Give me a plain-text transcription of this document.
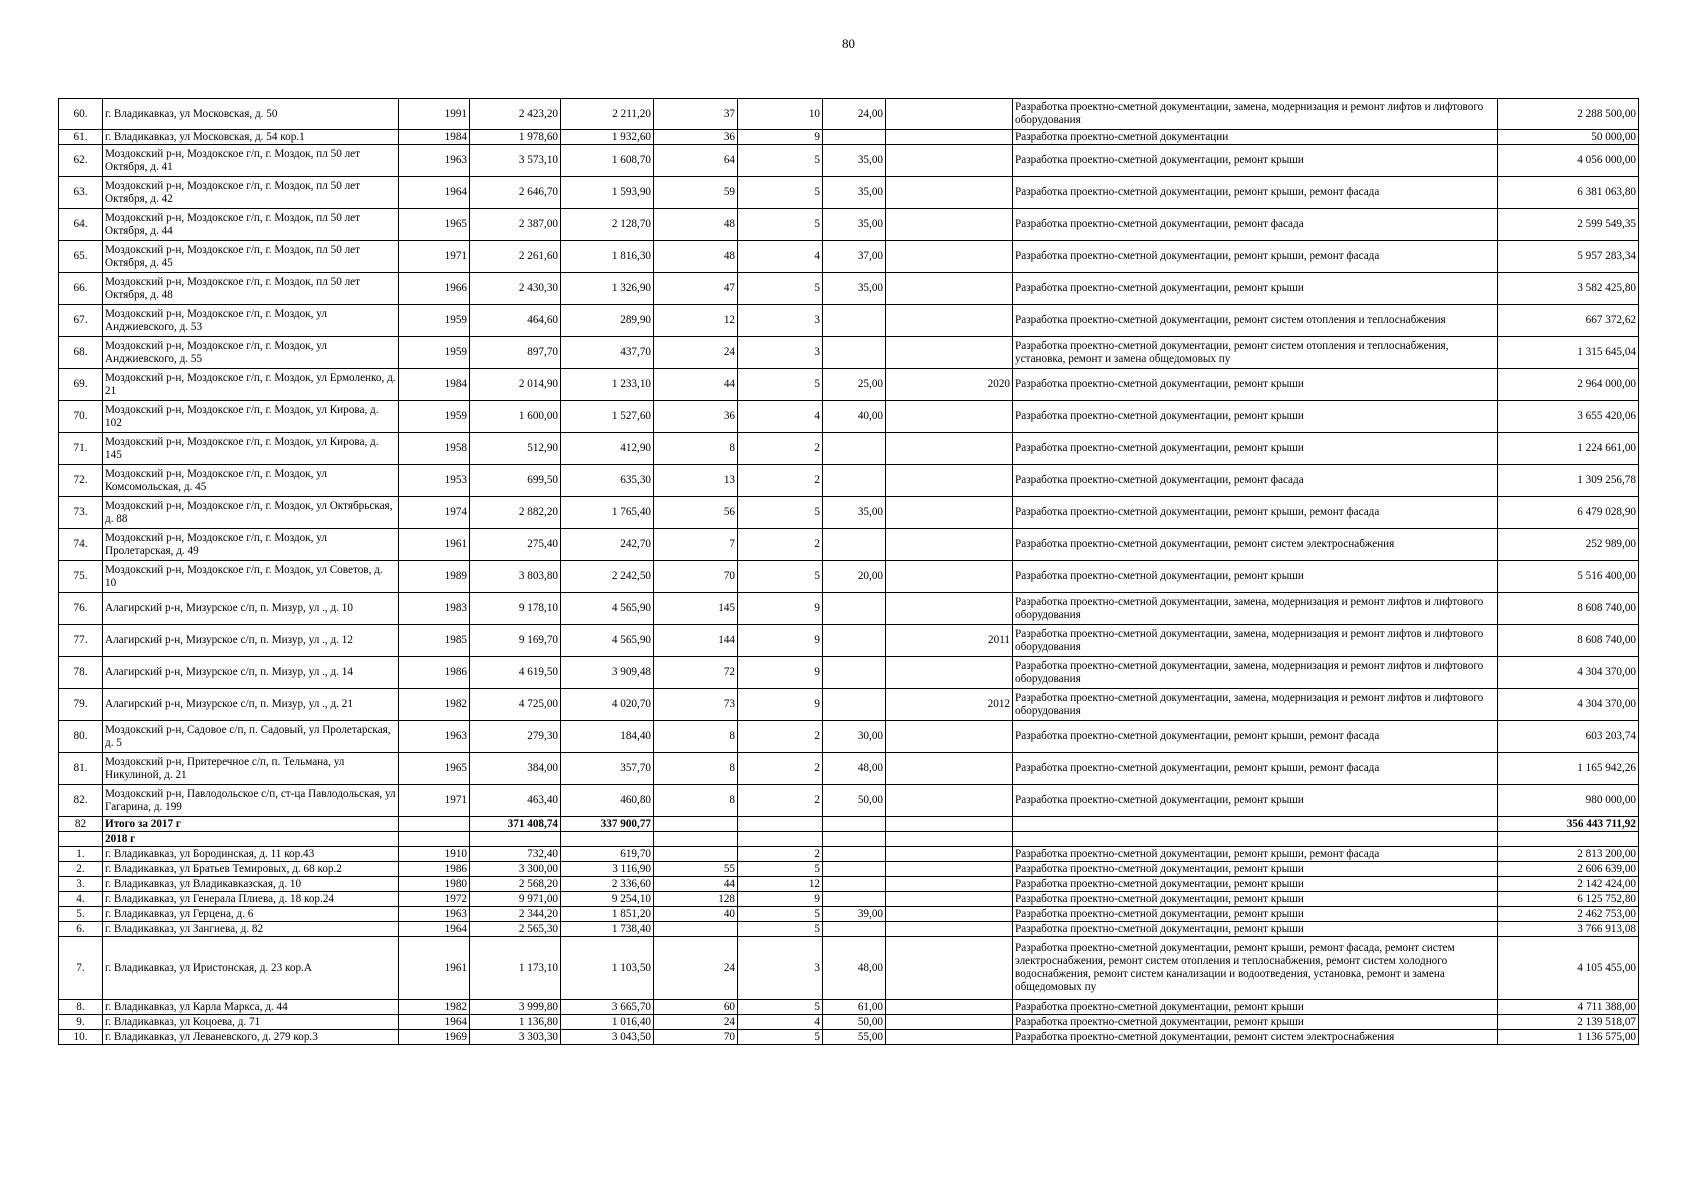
80
60.	г. Владикавказ, ул Московская, д. 50	1991	2 423,20	2 211,20	37	10	24,00		Разработка проектно-сметной документации, замена, модернизация и ремонт лифтов и лифтового оборудования	2 288 500,00
61.	г. Владикавказ, ул Московская, д. 54 кор.1	1984	1 978,60	1 932,60	36	9			Разработка проектно-сметной документации	50 000,00
62.	Моздокский р-н, Моздокское г/п, г. Моздок, пл 50 лет Октября, д. 41	1963	3 573,10	1 608,70	64	5	35,00		Разработка проектно-сметной документации, ремонт крыши	4 056 000,00
63.	Моздокский р-н, Моздокское г/п, г. Моздок, пл 50 лет Октября, д. 42	1964	2 646,70	1 593,90	59	5	35,00		Разработка проектно-сметной документации, ремонт крыши, ремонт фасада	6 381 063,80
64.	Моздокский р-н, Моздокское г/п, г. Моздок, пл 50 лет Октября, д. 44	1965	2 387,00	2 128,70	48	5	35,00		Разработка проектно-сметной документации, ремонт фасада	2 599 549,35
65.	Моздокский р-н, Моздокское г/п, г. Моздок, пл 50 лет Октября, д. 45	1971	2 261,60	1 816,30	48	4	37,00		Разработка проектно-сметной документации, ремонт крыши, ремонт фасада	5 957 283,34
66.	Моздокский р-н, Моздокское г/п, г. Моздок, пл 50 лет Октября, д. 48	1966	2 430,30	1 326,90	47	5	35,00		Разработка проектно-сметной документации, ремонт крыши	3 582 425,80
67.	Моздокский р-н, Моздокское г/п, г. Моздок, ул Анджиевского, д. 53	1959	464,60	289,90	12	3			Разработка проектно-сметной документации, ремонт систем отопления и теплоснабжения	667 372,62
68.	Моздокский р-н, Моздокское г/п, г. Моздок, ул Анджиевского, д. 55	1959	897,70	437,70	24	3			Разработка проектно-сметной документации, ремонт систем отопления и теплоснабжения, установка, ремонт и замена общедомовых пу	1 315 645,04
69.	Моздокский р-н, Моздокское г/п, г. Моздок, ул Ермоленко, д. 21	1984	2 014,90	1 233,10	44	5	25,00	2020	Разработка проектно-сметной документации, ремонт крыши	2 964 000,00
70.	Моздокский р-н, Моздокское г/п, г. Моздок, ул Кирова, д. 102	1959	1 600,00	1 527,60	36	4	40,00		Разработка проектно-сметной документации, ремонт крыши	3 655 420,06
71.	Моздокский р-н, Моздокское г/п, г. Моздок, ул Кирова, д. 145	1958	512,90	412,90	8	2			Разработка проектно-сметной документации, ремонт крыши	1 224 661,00
72.	Моздокский р-н, Моздокское г/п, г. Моздок, ул Комсомольская, д. 45	1953	699,50	635,30	13	2			Разработка проектно-сметной документации, ремонт фасада	1 309 256,78
73.	Моздокский р-н, Моздокское г/п, г. Моздок, ул Октябрьская, д. 88	1974	2 882,20	1 765,40	56	5	35,00		Разработка проектно-сметной документации, ремонт крыши, ремонт фасада	6 479 028,90
74.	Моздокский р-н, Моздокское г/п, г. Моздок, ул Пролетарская, д. 49	1961	275,40	242,70	7	2			Разработка проектно-сметной документации, ремонт систем электроснабжения	252 989,00
75.	Моздокский р-н, Моздокское г/п, г. Моздок, ул Советов, д. 10	1989	3 803,80	2 242,50	70	5	20,00		Разработка проектно-сметной документации, ремонт крыши	5 516 400,00
76.	Алагирский р-н, Мизурское с/п, п. Мизур, ул ., д. 10	1983	9 178,10	4 565,90	145	9			Разработка проектно-сметной документации, замена, модернизация и ремонт лифтов и лифтового оборудования	8 608 740,00
77.	Алагирский р-н, Мизурское с/п, п. Мизур, ул ., д. 12	1985	9 169,70	4 565,90	144	9		2011	Разработка проектно-сметной документации, замена, модернизация и ремонт лифтов и лифтового оборудования	8 608 740,00
78.	Алагирский р-н, Мизурское с/п, п. Мизур, ул ., д. 14	1986	4 619,50	3 909,48	72	9			Разработка проектно-сметной документации, замена, модернизация и ремонт лифтов и лифтового оборудования	4 304 370,00
79.	Алагирский р-н, Мизурское с/п, п. Мизур, ул ., д. 21	1982	4 725,00	4 020,70	73	9		2012	Разработка проектно-сметной документации, замена, модернизация и ремонт лифтов и лифтового оборудования	4 304 370,00
80.	Моздокский р-н, Садовое с/п, п. Садовый, ул Пролетарская, д. 5	1963	279,30	184,40	8	2	30,00		Разработка проектно-сметной документации, ремонт крыши, ремонт фасада	603 203,74
81.	Моздокский р-н, Притеречное с/п, п. Тельмана, ул Никулиной, д. 21	1965	384,00	357,70	8	2	48,00		Разработка проектно-сметной документации, ремонт крыши, ремонт фасада	1 165 942,26
82.	Моздокский р-н, Павлодольское с/п, ст-ца Павлодольская, ул Гагарина, д. 199	1971	463,40	460,80	8	2	50,00		Разработка проектно-сметной документации, ремонт крыши	980 000,00
82	Итого за 2017 г		371 408,74	337 900,77						356 443 711,92
	2018 г									
1.	г. Владикавказ, ул Бородинская, д. 11 кор.43	1910	732,40	619,70		2			Разработка проектно-сметной документации, ремонт крыши, ремонт фасада	2 813 200,00
2.	г. Владикавказ, ул Братьев Темировых, д. 68 кор.2	1986	3 300,00	3 116,90	55	5			Разработка проектно-сметной документации, ремонт крыши	2 606 639,00
3.	г. Владикавказ, ул Владикавказская, д. 10	1980	2 568,20	2 336,60	44	12			Разработка проектно-сметной документации, ремонт крыши	2 142 424,00
4.	г. Владикавказ, ул Генерала Плиева, д. 18 кор.24	1972	9 971,00	9 254,10	128	9			Разработка проектно-сметной документации, ремонт крыши	6 125 752,80
5.	г. Владикавказ, ул Герцена, д. 6	1963	2 344,20	1 851,20	40	5	39,00		Разработка проектно-сметной документации, ремонт крыши	2 462 753,00
6.	г. Владикавказ, ул Зангиева, д. 82	1964	2 565,30	1 738,40		5			Разработка проектно-сметной документации, ремонт крыши	3 766 913,08
7.	г. Владикавказ, ул Иристонская, д. 23 кор.А	1961	1 173,10	1 103,50	24	3	48,00		Разработка проектно-сметной документации, ремонт крыши, ремонт фасада, ремонт систем электроснабжения, ремонт систем отопления и теплоснабжения, ремонт систем холодного водоснабжения, ремонт систем канализации и водоотведения, установка, ремонт и замена общедомовых пу	4 105 455,00
8.	г. Владикавказ, ул Карла Маркса, д. 44	1982	3 999,80	3 665,70	60	5	61,00		Разработка проектно-сметной документации, ремонт крыши	4 711 388,00
9.	г. Владикавказ, ул Коцоева, д. 71	1964	1 136,80	1 016,40	24	4	50,00		Разработка проектно-сметной документации, ремонт крыши	2 139 518,07
10.	г. Владикавказ, ул Леваневского, д. 279 кор.3	1969	3 303,30	3 043,50	70	5	55,00		Разработка проектно-сметной документации, ремонт систем электроснабжения	1 136 575,00
